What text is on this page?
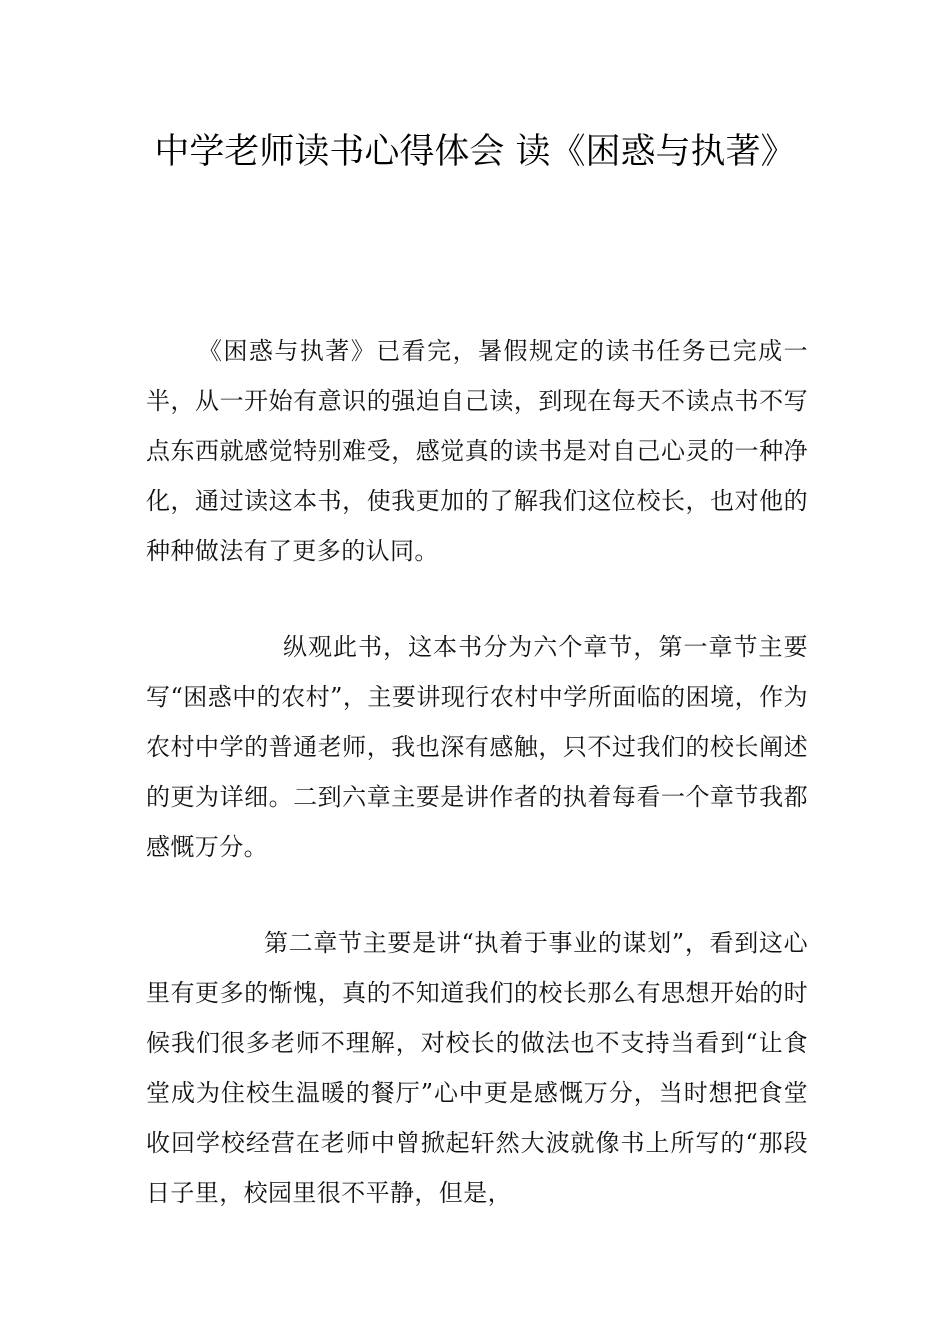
中学老师读书心得体会 读《困惑与执著》

《困惑与执著》已看完，暑假规定的读书任务已完成一半，从一开始有意识的强迫自己读，到现在每天不读点书不写点东西就感觉特别难受，感觉真的读书是对自己心灵的一种净化，通过读这本书，使我更加的了解我们这位校长，也对他的种种做法有了更多的认同。

纵观此书，这本书分为六个章节，第一章节主要写“困惑中的农村”，主要讲现行农村中学所面临的困境，作为农村中学的普通老师，我也深有感触，只不过我们的校长阐述的更为详细。二到六章主要是讲作者的执着每看一个章节我都感慨万分。

第二章节主要是讲“执着于事业的谋划”，看到这心里有更多的惭愧，真的不知道我们的校长那么有思想开始的时候我们很多老师不理解，对校长的做法也不支持当看到“让食堂成为住校生温暖的餐厅”心中更是感慨万分，当时想把食堂收回学校经营在老师中曾掀起轩然大波就像书上所写的“那段日子里，校园里很不平静，但是，
